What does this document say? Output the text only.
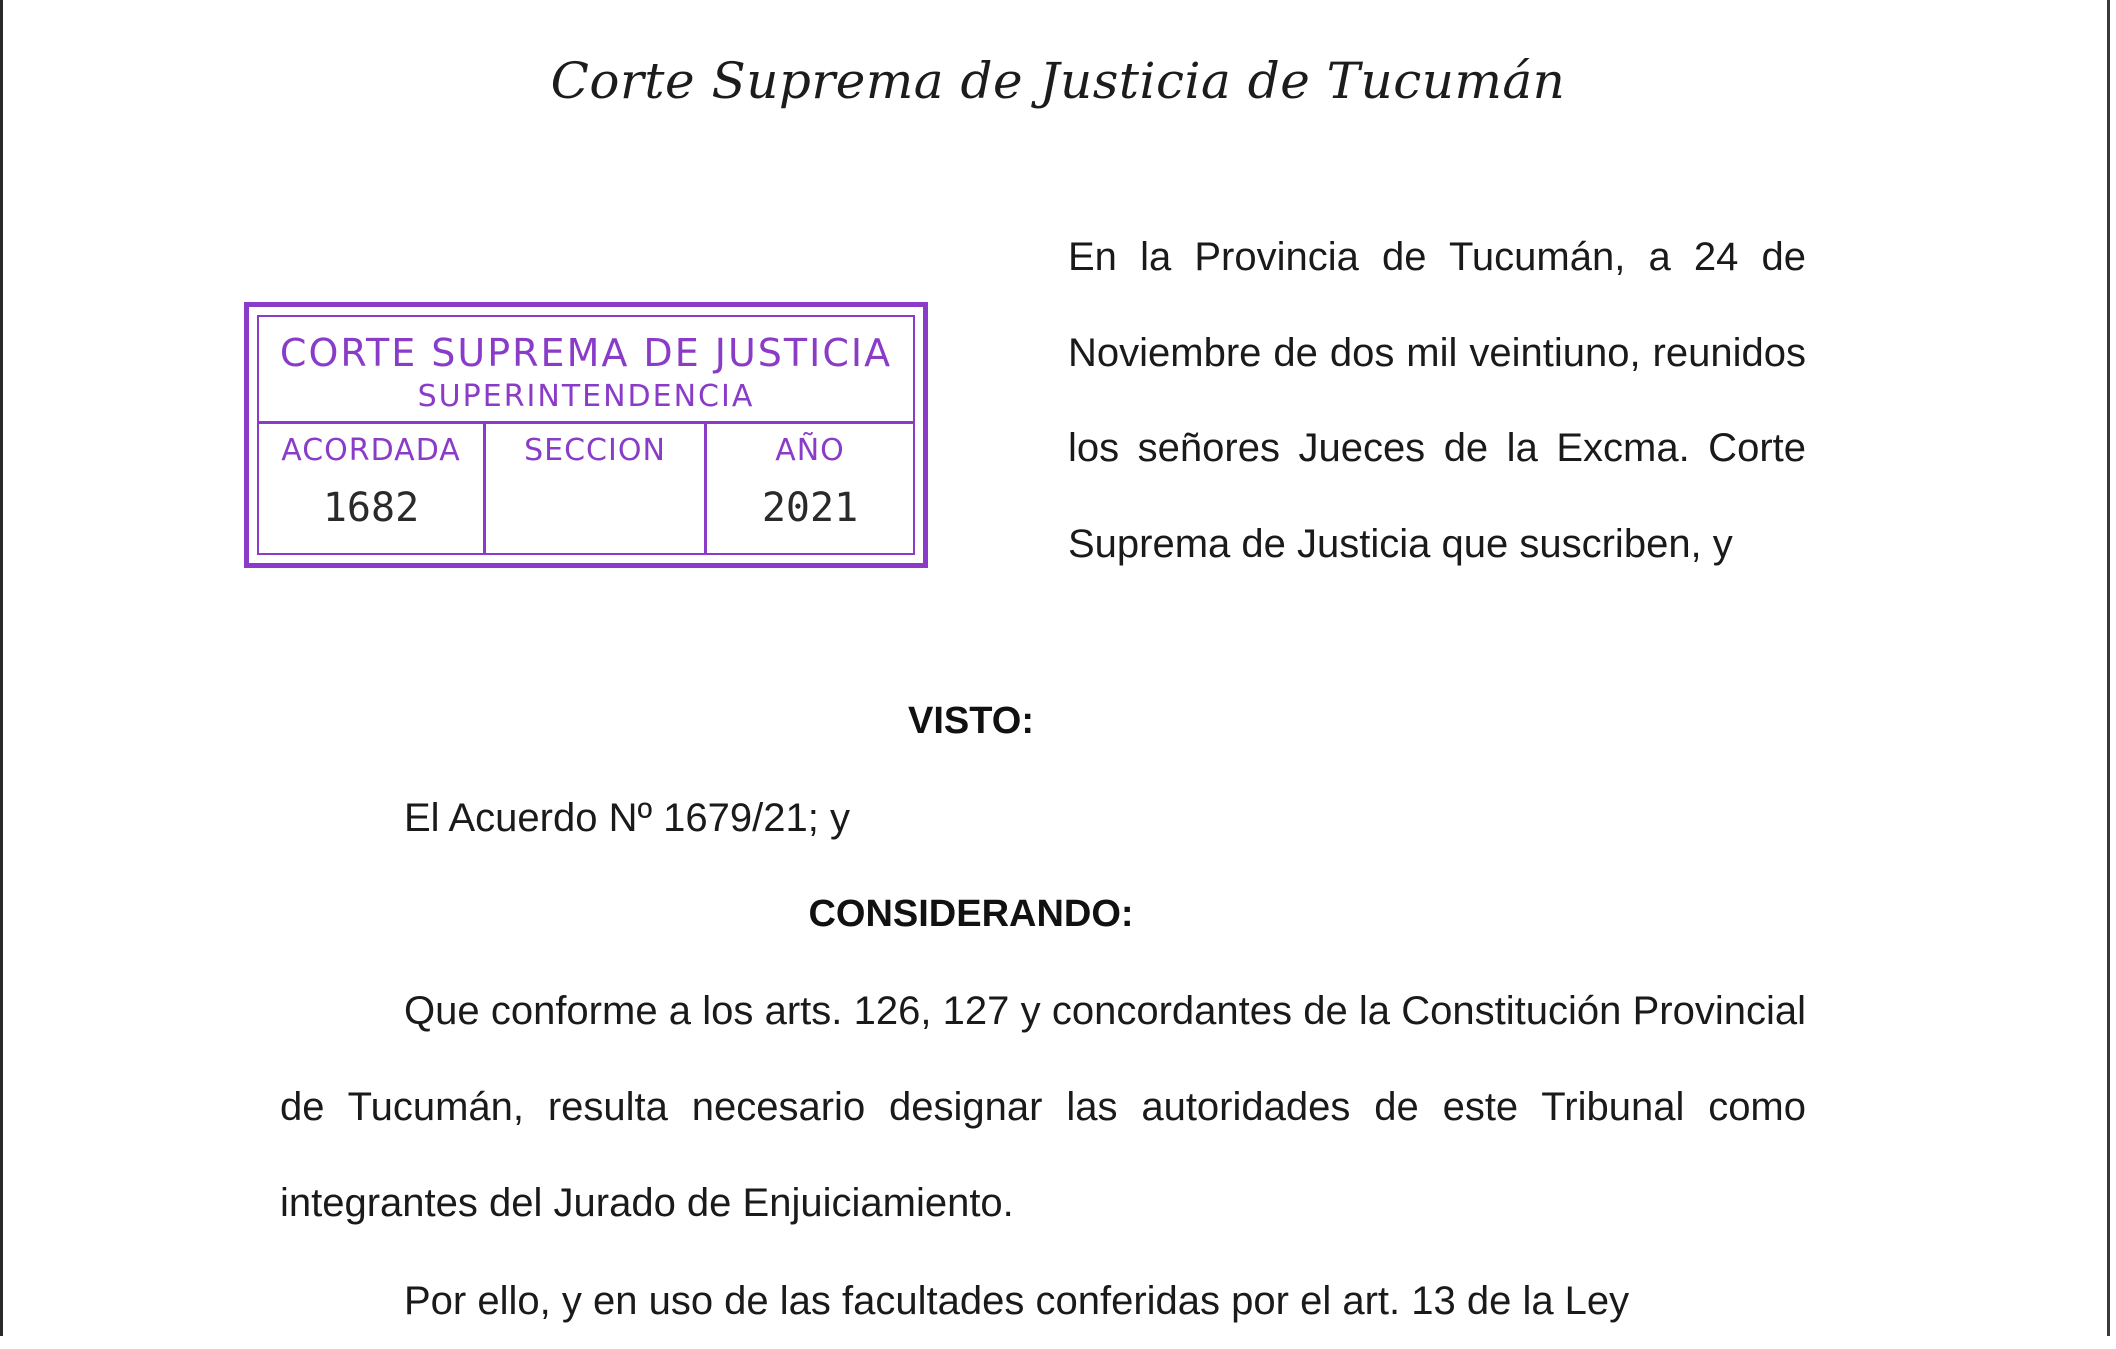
Corte Suprema de Justicia de Tucumán
CORTE SUPREMA DE JUSTICIA
SUPERINTENDENCIA
ACORDADA
1682
SECCION	AÑO
2021
En la Provincia de Tucumán, a 24 de Noviembre de dos mil veintiuno, reunidos los señores Jueces de la Excma. Corte Suprema de Justicia que suscriben, y
VISTO:
El Acuerdo Nº 1679/21; y
CONSIDERANDO:
Que conforme a los arts. 126, 127 y concordantes de la Constitución Provincial de Tucumán, resulta necesario designar las autoridades de este Tribunal como integrantes del Jurado de Enjuiciamiento.
Por ello, y en uso de las facultades conferidas por el art. 13 de la Ley
